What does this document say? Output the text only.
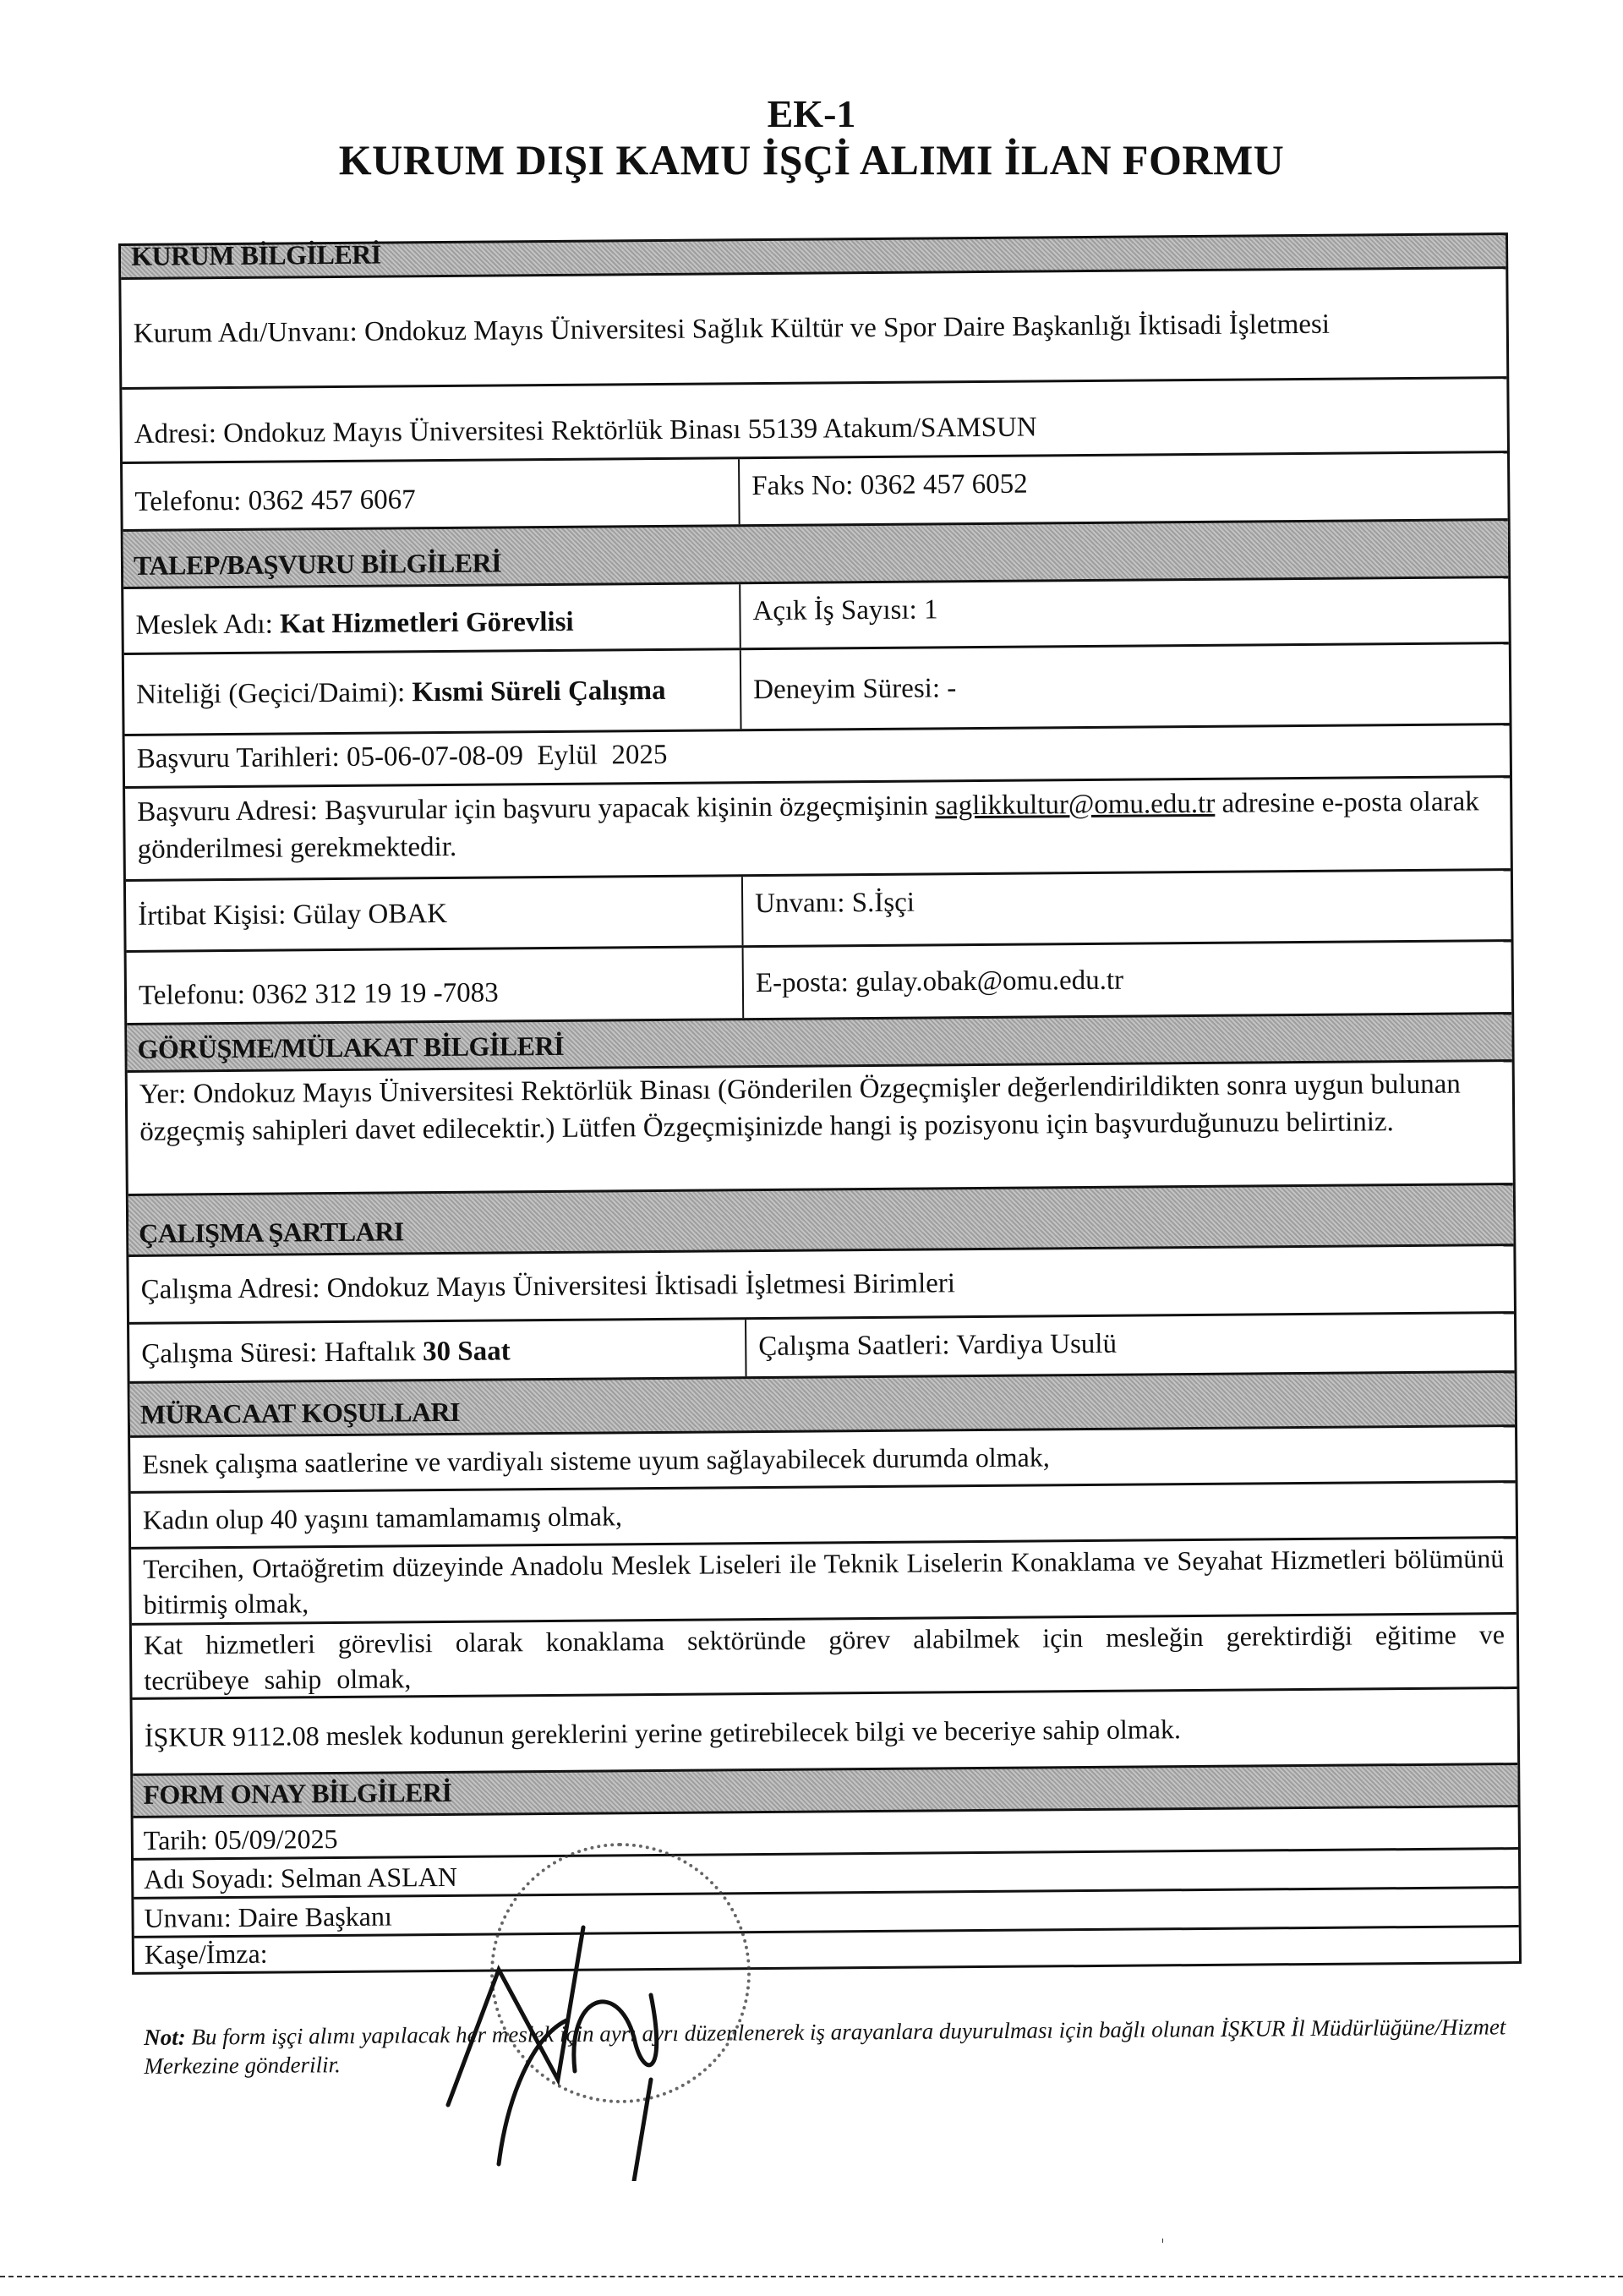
EK-1
KURUM DIŞI KAMU İŞÇİ ALIMI İLAN FORMU
KURUM BİLGİLERİ
Kurum Adı/Unvanı: Ondokuz Mayıs Üniversitesi Sağlık Kültür ve Spor Daire Başkanlığı İktisadi İşletmesi
Adresi: Ondokuz Mayıs Üniversitesi Rektörlük Binası 55139 Atakum/SAMSUN
Telefonu: 0362 457 6067	Faks No: 0362 457 6052
TALEP/BAŞVURU BİLGİLERİ
Meslek Adı: Kat Hizmetleri Görevlisi	Açık İş Sayısı: 1
Niteliği (Geçici/Daimi): Kısmi Süreli Çalışma	Deneyim Süresi: -
Başvuru Tarihleri: 05-06-07-08-09  Eylül  2025
Başvuru Adresi: Başvurular için başvuru yapacak kişinin özgeçmişinin saglikkultur@omu.edu.tr adresine e-posta olarak gönderilmesi gerekmektedir.
İrtibat Kişisi: Gülay OBAK	Unvanı: S.İşçi
Telefonu: 0362 312 19 19 -7083	E-posta: gulay.obak@omu.edu.tr
GÖRÜŞME/MÜLAKAT BİLGİLERİ
Yer: Ondokuz Mayıs Üniversitesi Rektörlük Binası (Gönderilen Özgeçmişler değerlendirildikten sonra uygun bulunan özgeçmiş sahipleri davet edilecektir.) Lütfen Özgeçmişinizde hangi iş pozisyonu için başvurduğunuzu belirtiniz.
ÇALIŞMA ŞARTLARI
Çalışma Adresi: Ondokuz Mayıs Üniversitesi İktisadi İşletmesi Birimleri
Çalışma Süresi: Haftalık 30 Saat	Çalışma Saatleri: Vardiya Usulü
MÜRACAAT KOŞULLARI
Esnek çalışma saatlerine ve vardiyalı sisteme uyum sağlayabilecek durumda olmak,
Kadın olup 40 yaşını tamamlamamış olmak,
Tercihen, Ortaöğretim düzeyinde Anadolu Meslek Liseleri ile Teknik Liselerin Konaklama ve Seyahat Hizmetleri bölümünü bitirmiş olmak,
Kat hizmetleri görevlisi olarak konaklama sektöründe görev alabilmek için mesleğin gerektirdiği eğitime ve tecrübeye sahip olmak,
İŞKUR 9112.08 meslek kodunun gereklerini yerine getirebilecek bilgi ve beceriye sahip olmak.
FORM ONAY BİLGİLERİ
Tarih: 05/09/2025
Adı Soyadı: Selman ASLAN
Unvanı: Daire Başkanı
Kaşe/İmza:
Not: Bu form işçi alımı yapılacak her meslek için ayrı ayrı düzenlenerek iş arayanlara duyurulması için bağlı olunan İŞKUR İl Müdürlüğüne/Hizmet Merkezine gönderilir.
